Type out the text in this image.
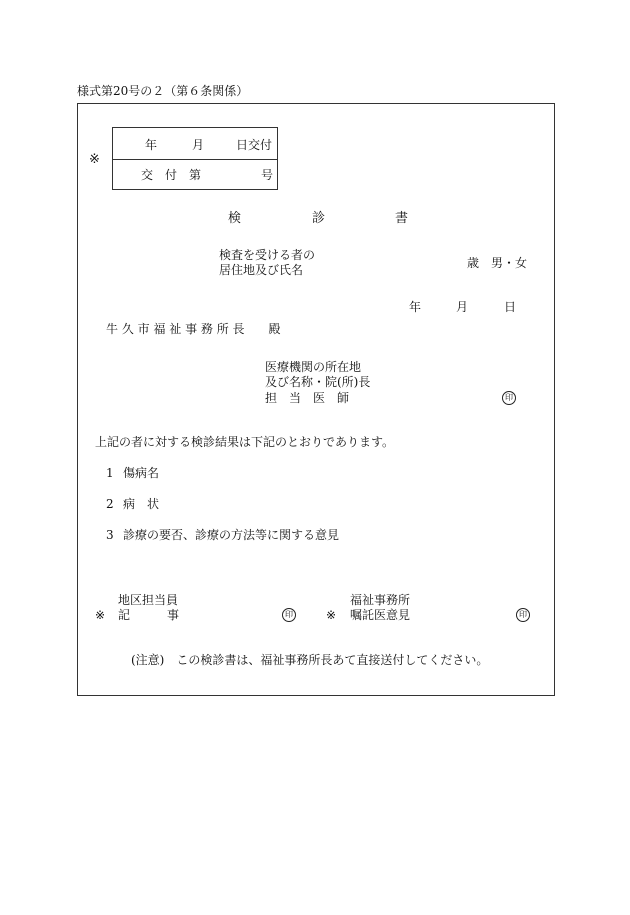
様式第20号の２（第６条関係）
※
年	月	日交付
交 付 第	号
検	診	書
検査を受ける者の
居住地及び氏名	歳　男・女
年	月	日
牛 久 市 福 祉 事 務 所 長　　殿
医療機関の所在地
及び名称・院(所)長
担　当　医　師	印
上記の者に対する検診結果は下記のとおりであります。
1 傷病名
2 病　状
3 診療の要否、診療の方法等に関する意見
地区担当員
※ 記	事	印
福祉事務所
※ 嘱託医意見	印
(注意)　この検診書は、福祉事務所長あて直接送付してください。
